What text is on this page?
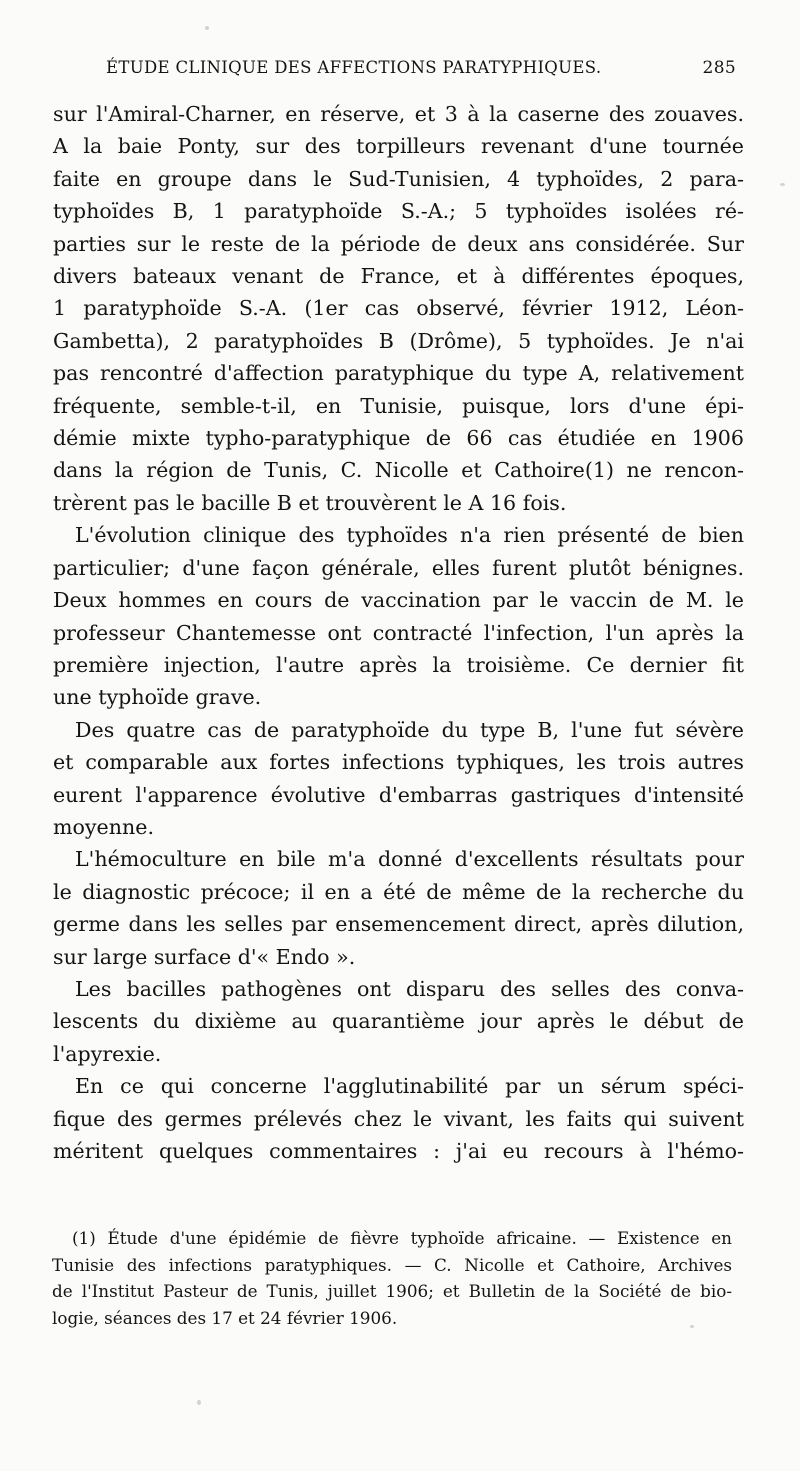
ÉTUDE CLINIQUE DES AFFECTIONS PARATYPHIQUES.	285
sur l'Amiral-Charner, en réserve, et 3 à la caserne des zouaves.
A la baie Ponty, sur des torpilleurs revenant d'une tournée
faite en groupe dans le Sud-Tunisien, 4 typhoïdes, 2 para-
typhoïdes B, 1 paratyphoïde S.-A.; 5 typhoïdes isolées ré-
parties sur le reste de la période de deux ans considérée. Sur
divers bateaux venant de France, et à différentes époques,
1 paratyphoïde S.-A. (1er cas observé, février 1912, Léon-
Gambetta), 2 paratyphoïdes B (Drôme), 5 typhoïdes. Je n'ai
pas rencontré d'affection paratyphique du type A, relativement
fréquente, semble-t-il, en Tunisie, puisque, lors d'une épi-
démie mixte typho-paratyphique de 66 cas étudiée en 1906
dans la région de Tunis, C. Nicolle et Cathoire(1) ne rencon-
trèrent pas le bacille B et trouvèrent le A 16 fois.
L'évolution clinique des typhoïdes n'a rien présenté de bien
particulier; d'une façon générale, elles furent plutôt bénignes.
Deux hommes en cours de vaccination par le vaccin de M. le
professeur Chantemesse ont contracté l'infection, l'un après la
première injection, l'autre après la troisième. Ce dernier fit
une typhoïde grave.
Des quatre cas de paratyphoïde du type B, l'une fut sévère
et comparable aux fortes infections typhiques, les trois autres
eurent l'apparence évolutive d'embarras gastriques d'intensité
moyenne.
L'hémoculture en bile m'a donné d'excellents résultats pour
le diagnostic précoce; il en a été de même de la recherche du
germe dans les selles par ensemencement direct, après dilution,
sur large surface d'« Endo ».
Les bacilles pathogènes ont disparu des selles des conva-
lescents du dixième au quarantième jour après le début de
l'apyrexie.
En ce qui concerne l'agglutinabilité par un sérum spéci-
fique des germes prélevés chez le vivant, les faits qui suivent
méritent quelques commentaires : j'ai eu recours à l'hémo-
(1) Étude d'une épidémie de fièvre typhoïde africaine. — Existence en
Tunisie des infections paratyphiques. — C. Nicolle et Cathoire, Archives
de l'Institut Pasteur de Tunis, juillet 1906; et Bulletin de la Société de bio-
logie, séances des 17 et 24 février 1906.
